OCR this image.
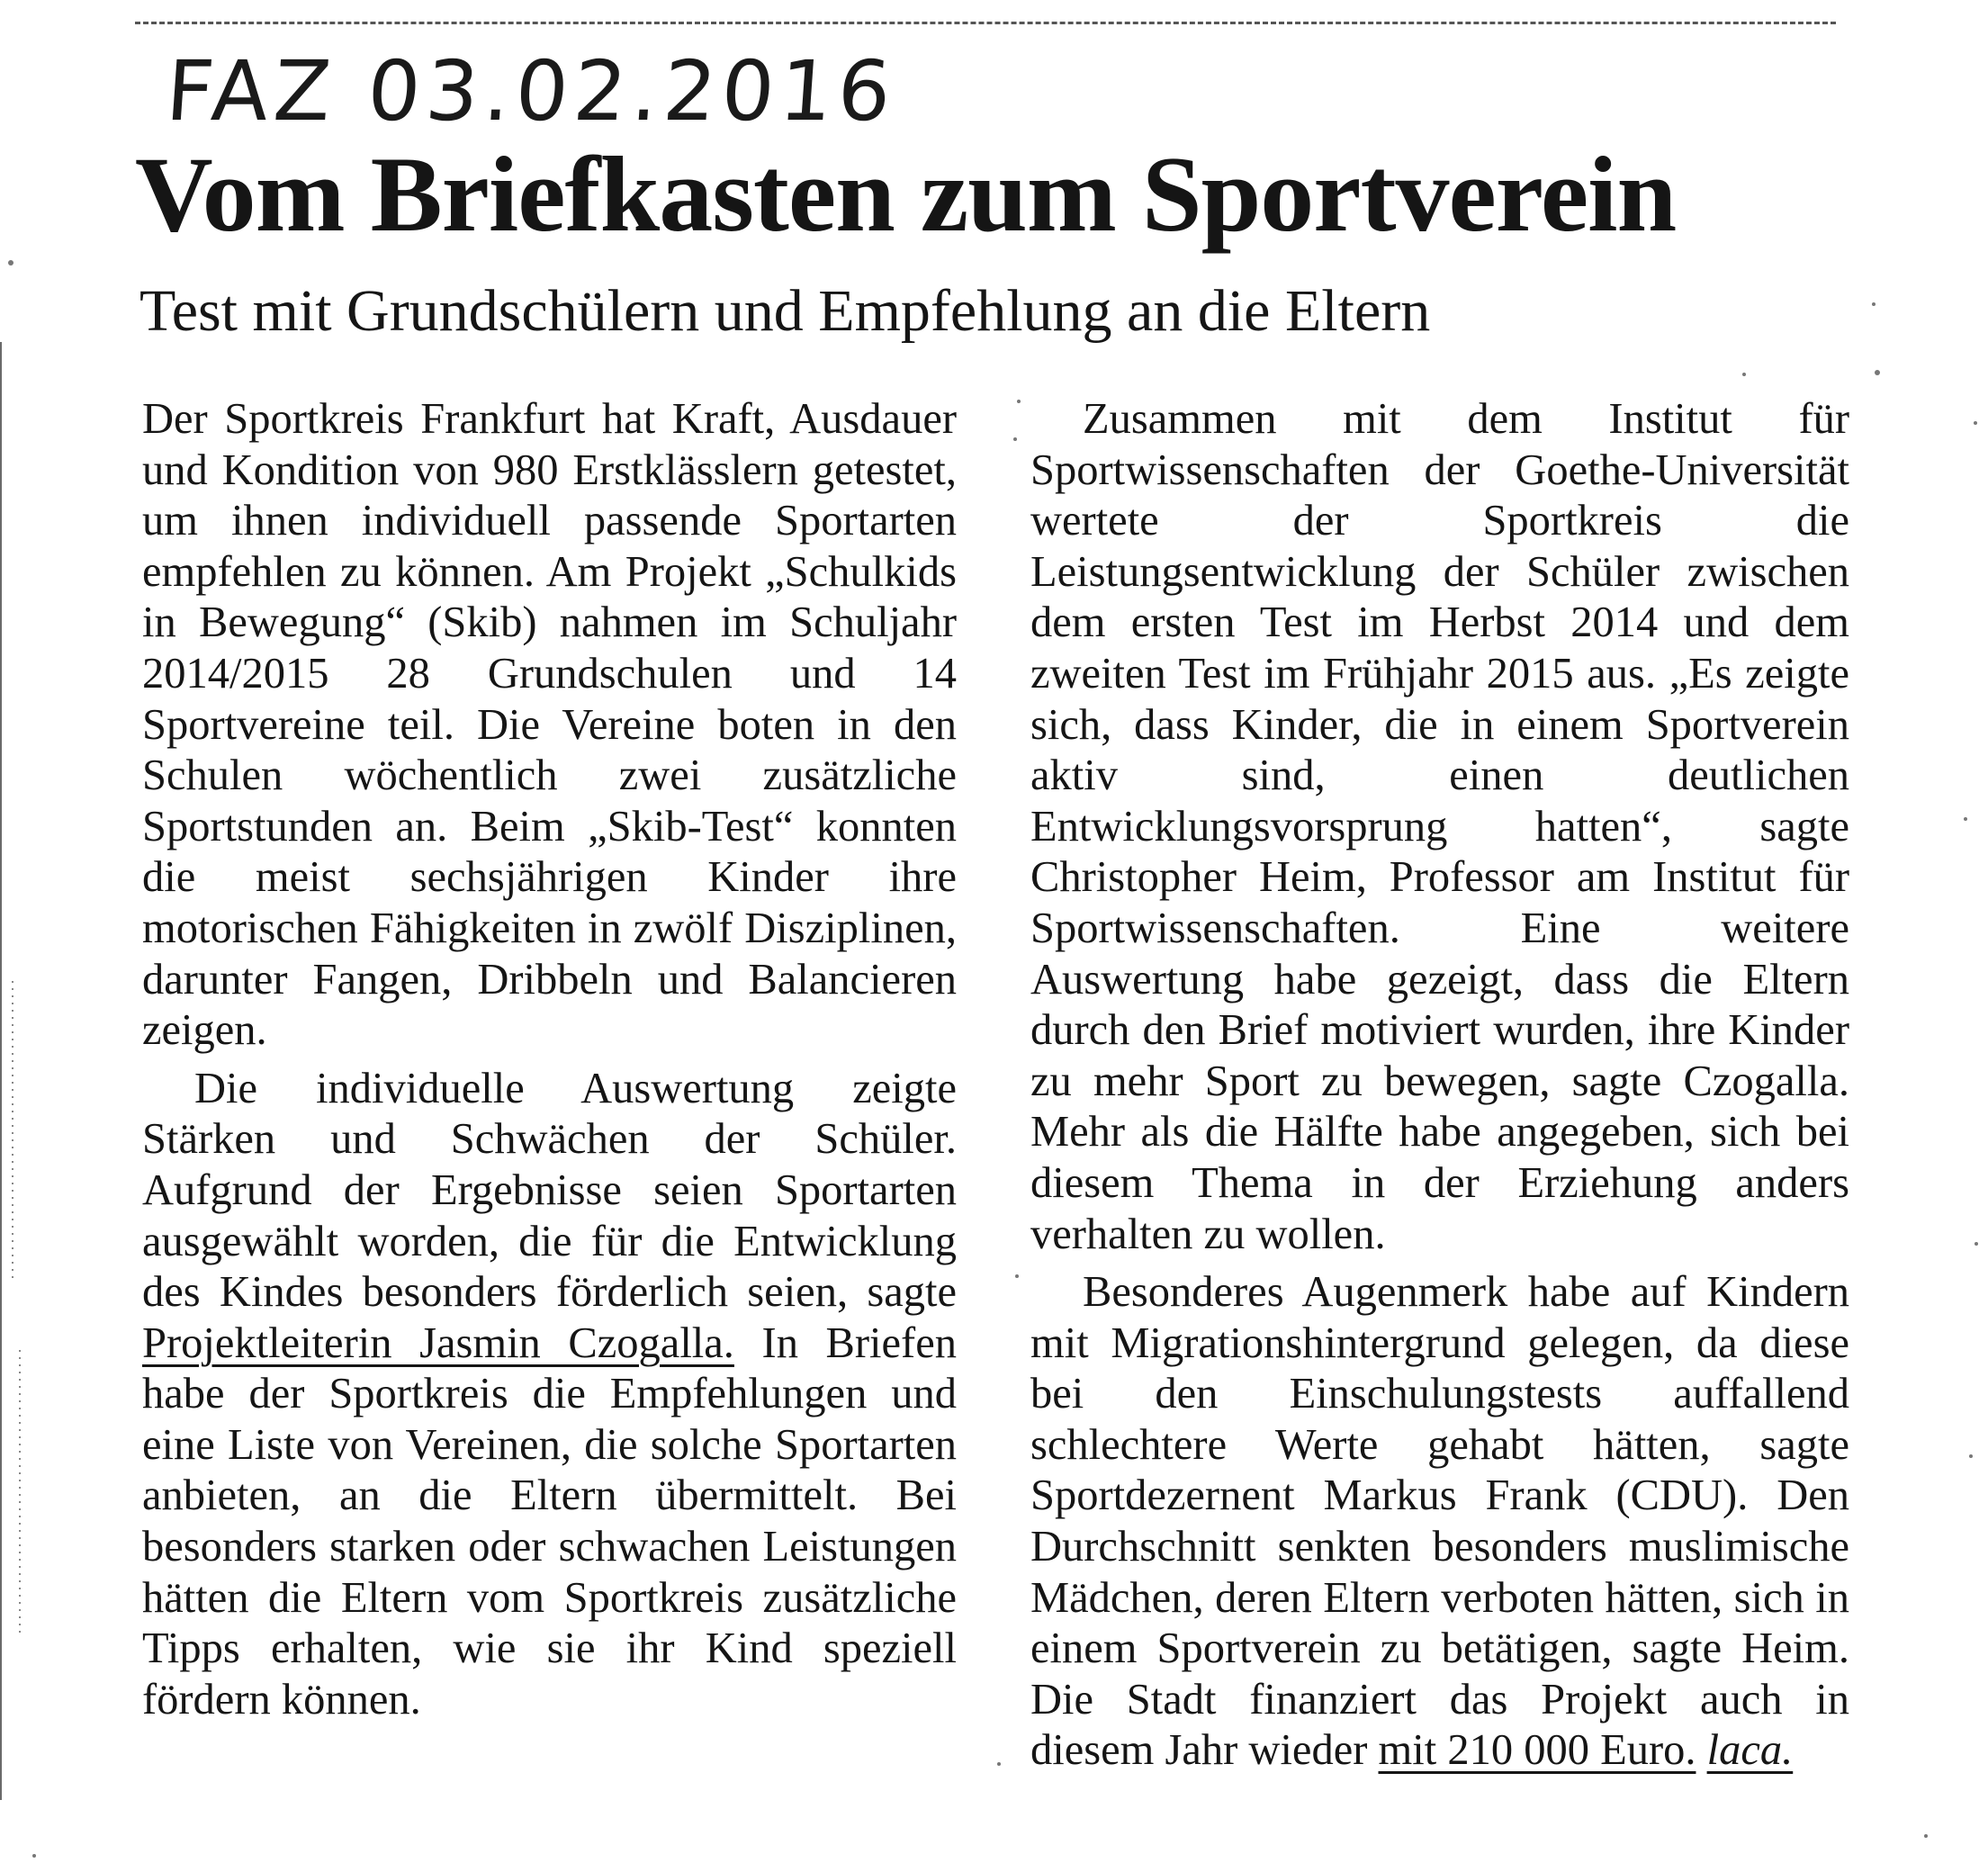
FAZ 03.02.2016
Vom Briefkasten zum Sportverein
Test mit Grundschülern und Empfehlung an die Eltern

Der Sportkreis Frankfurt hat Kraft, Ausdauer und Kondition von 980 Erstklässlern getestet, um ihnen individuell passende Sportarten empfehlen zu können. Am Projekt „Schulkids in Bewegung“ (Skib) nahmen im Schuljahr 2014/2015 28 Grundschulen und 14 Sportvereine teil. Die Vereine boten in den Schulen wöchentlich zwei zusätzliche Sportstunden an. Beim „Skib-Test“ konnten die meist sechsjährigen Kinder ihre motorischen Fähigkeiten in zwölf Disziplinen, darunter Fangen, Dribbeln und Balancieren zeigen.

Die individuelle Auswertung zeigte Stärken und Schwächen der Schüler. Aufgrund der Ergebnisse seien Sportarten ausgewählt worden, die für die Entwicklung des Kindes besonders förderlich seien, sagte Projektleiterin Jasmin Czogalla. In Briefen habe der Sportkreis die Empfehlungen und eine Liste von Vereinen, die solche Sportarten anbieten, an die Eltern übermittelt. Bei besonders starken oder schwachen Leistungen hätten die Eltern vom Sportkreis zusätzliche Tipps erhalten, wie sie ihr Kind speziell fördern können.

Zusammen mit dem Institut für Sportwissenschaften der Goethe-Universität wertete der Sportkreis die Leistungsentwicklung der Schüler zwischen dem ersten Test im Herbst 2014 und dem zweiten Test im Frühjahr 2015 aus. „Es zeigte sich, dass Kinder, die in einem Sportverein aktiv sind, einen deutlichen Entwicklungsvorsprung hatten“, sagte Christopher Heim, Professor am Institut für Sportwissenschaften. Eine weitere Auswertung habe gezeigt, dass die Eltern durch den Brief motiviert wurden, ihre Kinder zu mehr Sport zu bewegen, sagte Czogalla. Mehr als die Hälfte habe angegeben, sich bei diesem Thema in der Erziehung anders verhalten zu wollen.

Besonderes Augenmerk habe auf Kindern mit Migrationshintergrund gelegen, da diese bei den Einschulungstests auffallend schlechtere Werte gehabt hätten, sagte Sportdezernent Markus Frank (CDU). Den Durchschnitt senkten besonders muslimische Mädchen, deren Eltern verboten hätten, sich in einem Sportverein zu betätigen, sagte Heim. Die Stadt finanziert das Projekt auch in diesem Jahr wieder mit 210 000 Euro. laca.
